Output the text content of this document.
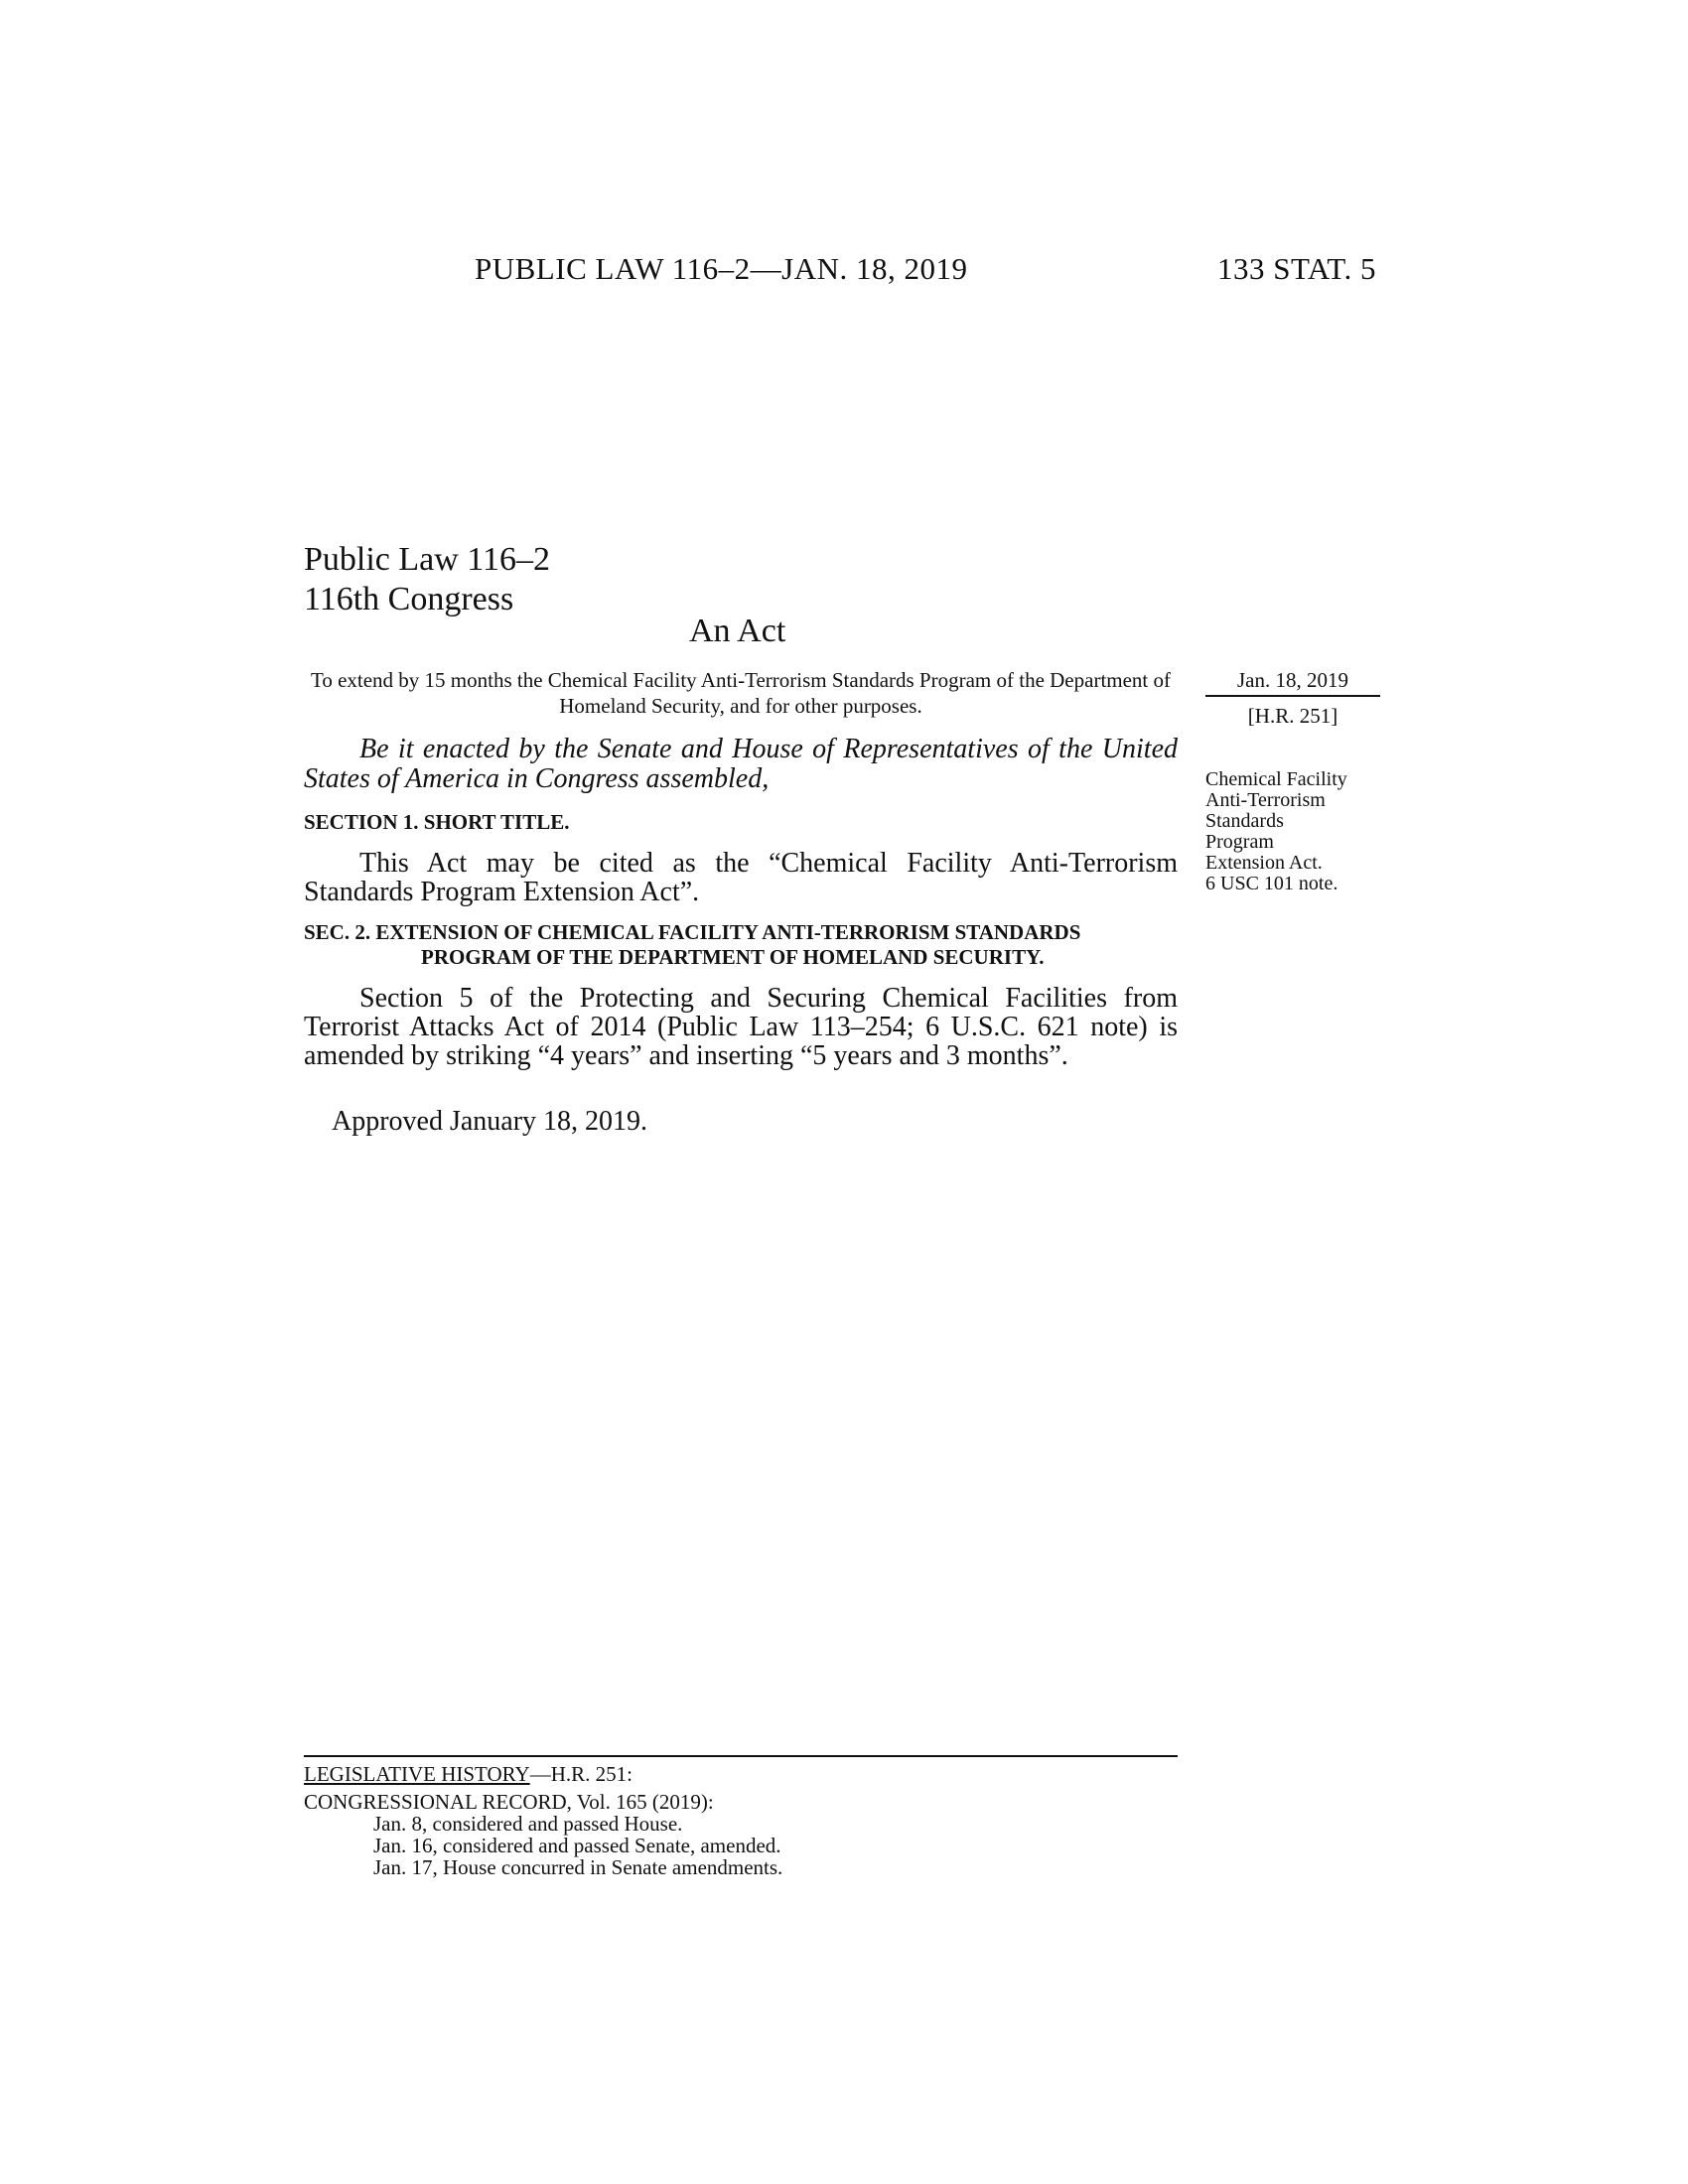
PUBLIC LAW 116–2—JAN. 18, 2019	133 STAT. 5
Public Law 116–2
116th Congress
An Act
To extend by 15 months the Chemical Facility Anti-Terrorism Standards Program of the Department of Homeland Security, and for other purposes.
Jan. 18, 2019
[H.R. 251]

Be it enacted by the Senate and House of Representatives of the United States of America in Congress assembled,

SECTION 1. SHORT TITLE.

This Act may be cited as the “Chemical Facility Anti-Terrorism Standards Program Extension Act”.

SEC. 2. EXTENSION OF CHEMICAL FACILITY ANTI-TERRORISM STANDARDS PROGRAM OF THE DEPARTMENT OF HOMELAND SECURITY.

Section 5 of the Protecting and Securing Chemical Facilities from Terrorist Attacks Act of 2014 (Public Law 113–254; 6 U.S.C. 621 note) is amended by striking “4 years” and inserting “5 years and 3 months”.

Approved January 18, 2019.
Chemical Facility
Anti-Terrorism
Standards
Program
Extension Act.
6 USC 101 note.
LEGISLATIVE HISTORY—H.R. 251:
CONGRESSIONAL RECORD, Vol. 165 (2019):
Jan. 8, considered and passed House.
Jan. 16, considered and passed Senate, amended.
Jan. 17, House concurred in Senate amendments.
